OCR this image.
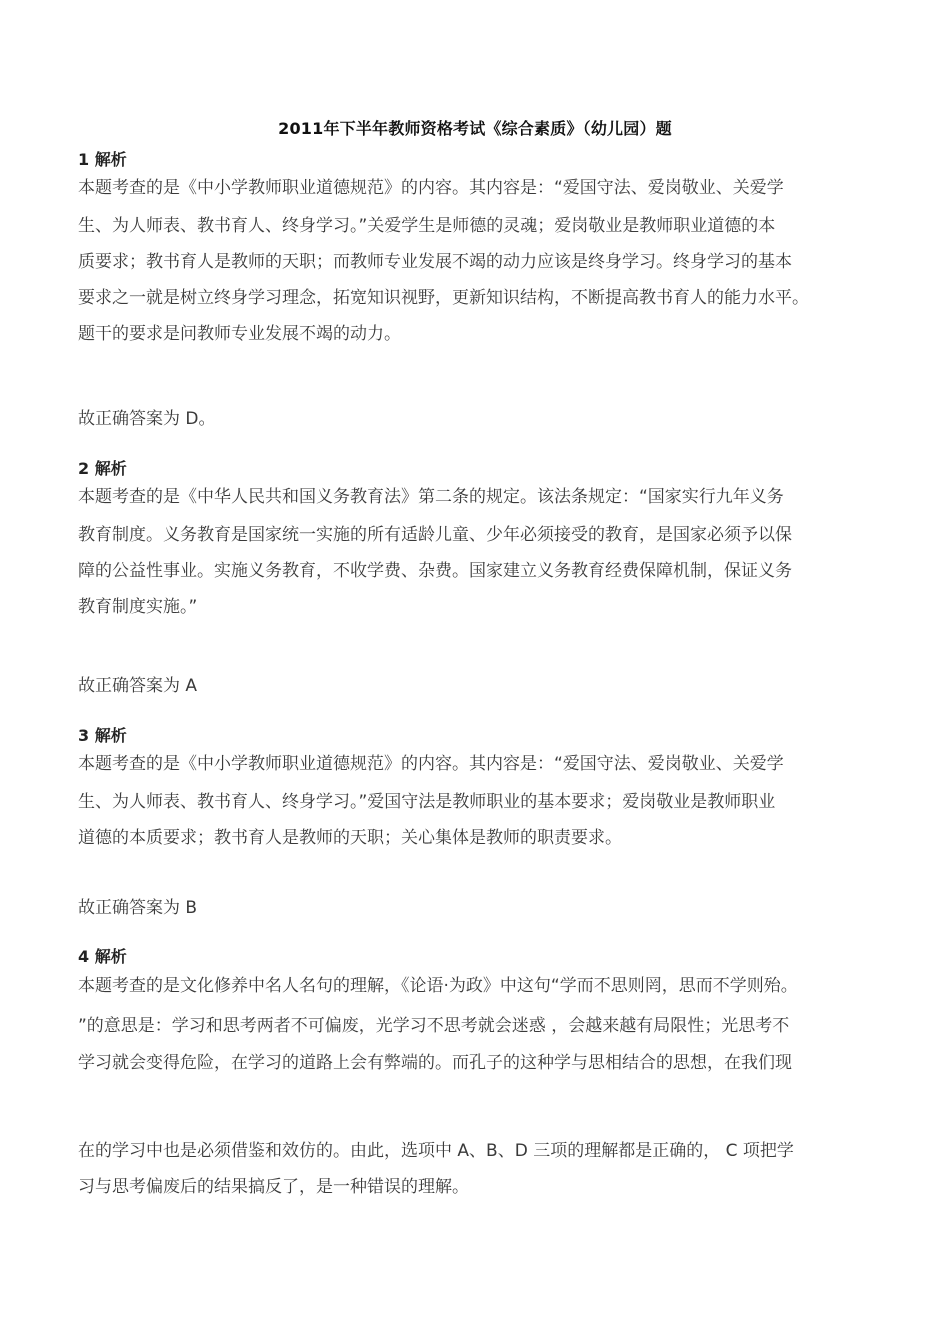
2011年下半年教师资格考试《综合素质》（幼儿园）题
1 解析
本题考查的是《中小学教师职业道德规范》的内容。其内容是：“爱国守法、爱岗敬业、关爱学
生、为人师表、教书育人、终身学习。”关爱学生是师德的灵魂；爱岗敬业是教师职业道德的本
质要求；教书育人是教师的天职；而教师专业发展不竭的动力应该是终身学习。终身学习的基本
要求之一就是树立终身学习理念，拓宽知识视野，更新知识结构，不断提高教书育人的能力水平。
题干的要求是问教师专业发展不竭的动力。
故正确答案为 D。
2 解析
本题考查的是《中华人民共和国义务教育法》第二条的规定。该法条规定：“国家实行九年义务
教育制度。义务教育是国家统一实施的所有适龄儿童、少年必须接受的教育，是国家必须予以保
障的公益性事业。实施义务教育，不收学费、杂费。国家建立义务教育经费保障机制，保证义务
教育制度实施。”
故正确答案为 A
3 解析
本题考查的是《中小学教师职业道德规范》的内容。其内容是：“爱国守法、爱岗敬业、关爱学
生、为人师表、教书育人、终身学习。”爱国守法是教师职业的基本要求；爱岗敬业是教师职业
道德的本质要求；教书育人是教师的天职；关心集体是教师的职责要求。
故正确答案为 B
4 解析
本题考查的是文化修养中名人名句的理解，《论语·为政》中这句“学而不思则罔，思而不学则殆。
”的意思是：学习和思考两者不可偏废，光学习不思考就会迷惑 ，会越来越有局限性；光思考不
学习就会变得危险，在学习的道路上会有弊端的。而孔子的这种学与思相结合的思想，在我们现
在的学习中也是必须借鉴和效仿的。由此，选项中 A、B、D 三项的理解都是正确的， C 项把学
习与思考偏废后的结果搞反了，是一种错误的理解。
